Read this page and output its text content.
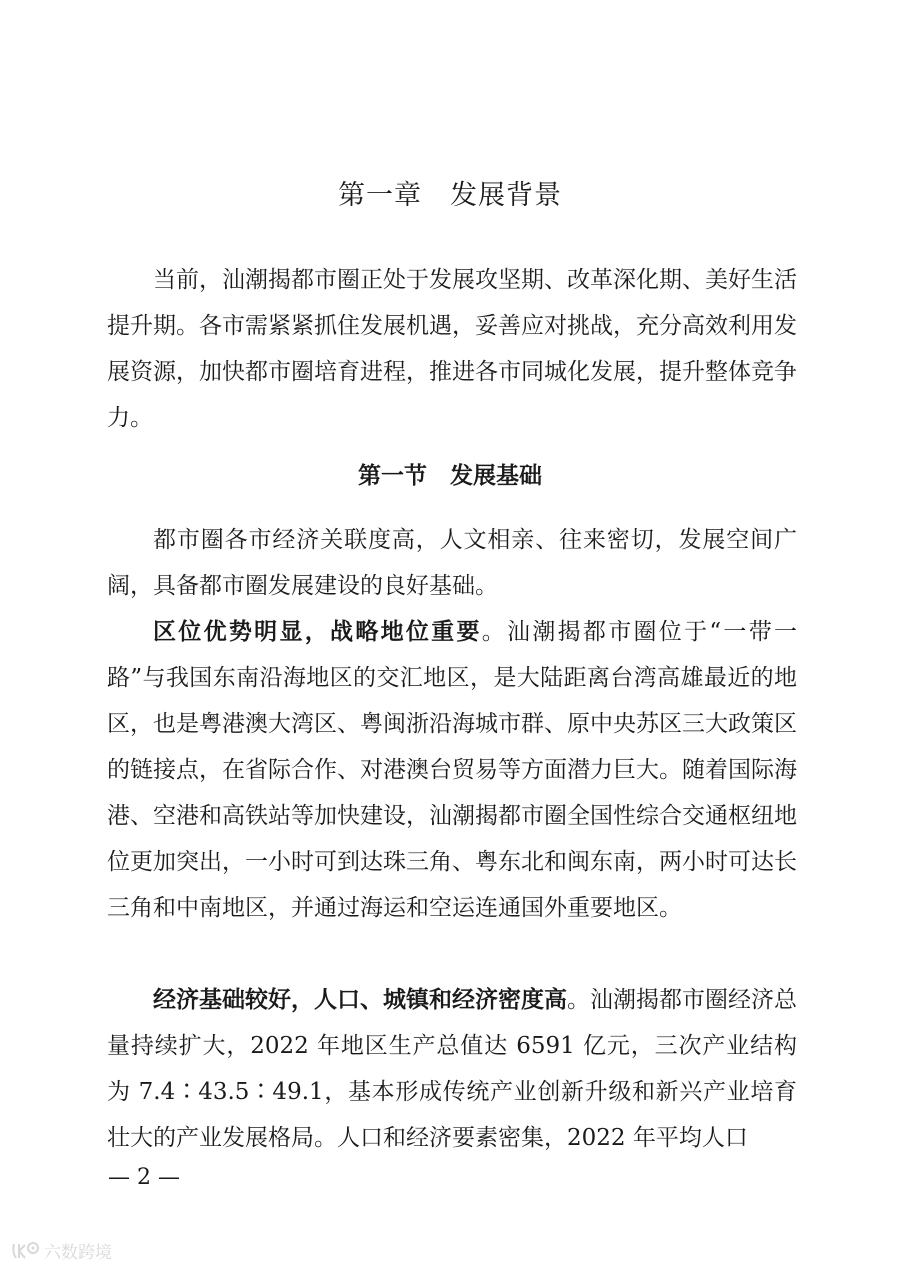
第一章　发展背景

当前，汕潮揭都市圈正处于发展攻坚期、改革深化期、美好生活提升期。各市需紧紧抓住发展机遇，妥善应对挑战，充分高效利用发展资源，加快都市圈培育进程，推进各市同城化发展，提升整体竞争力。

第一节　发展基础

都市圈各市经济关联度高，人文相亲、往来密切，发展空间广阔，具备都市圈发展建设的良好基础。

区位优势明显，战略地位重要。汕潮揭都市圈位于“一带一路”与我国东南沿海地区的交汇地区，是大陆距离台湾高雄最近的地区，也是粤港澳大湾区、粤闽浙沿海城市群、原中央苏区三大政策区的链接点，在省际合作、对港澳台贸易等方面潜力巨大。随着国际海港、空港和高铁站等加快建设，汕潮揭都市圈全国性综合交通枢纽地位更加突出，一小时可到达珠三角、粤东北和闽东南，两小时可达长三角和中南地区，并通过海运和空运连通国外重要地区。

经济基础较好，人口、城镇和经济密度高。汕潮揭都市圈经济总量持续扩大，2022 年地区生产总值达 6591 亿元，三次产业结构为 7.4∶43.5∶49.1，基本形成传统产业创新升级和新兴产业培育壮大的产业发展格局。人口和经济要素密集，2022 年平均人口

— 2 —
六数跨境
